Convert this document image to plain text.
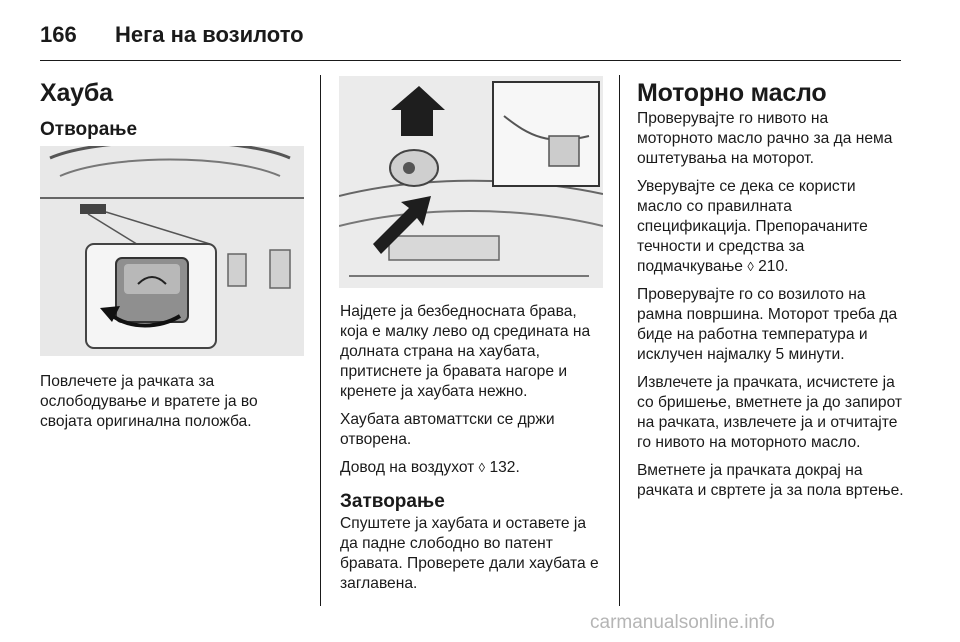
166 Нега на возилото
Хауба
Отворање

Повлечете ја рачката за ослободување и вратете ја во својата оригинална положба.

Најдете ја безбедносната брава, која е малку лево од средината на долната страна на хаубата, притиснете ја бравата нагоре и кренете ја хаубата нежно.

Хаубата автоматтски се држи отворена.

Довод на воздухот ◊ 132.

Затворање

Спуштете ја хаубата и оставете ја да падне слободно во патент бравата. Проверете дали хаубата е заглавена.

Моторно масло

Проверувајте го нивото на моторното масло рачно за да нема оштетувања на моторот.

Уверувајте се дека се користи масло со правилната спецификација. Препорачаните течности и средства за подмачкување ◊ 210.

Проверувајте го со возилото на рамна површина. Моторот треба да биде на работна температура и исклучен најмалку 5 минути.

Извлечете ја прачката, исчистете ја со бришење, вметнете ја до запирот на рачката, извлечете ја и отчитајте го нивото на моторното масло.

Вметнете ја прачката докрај на рачката и свртете ја за пола вртење.

carmanualsonline.info
